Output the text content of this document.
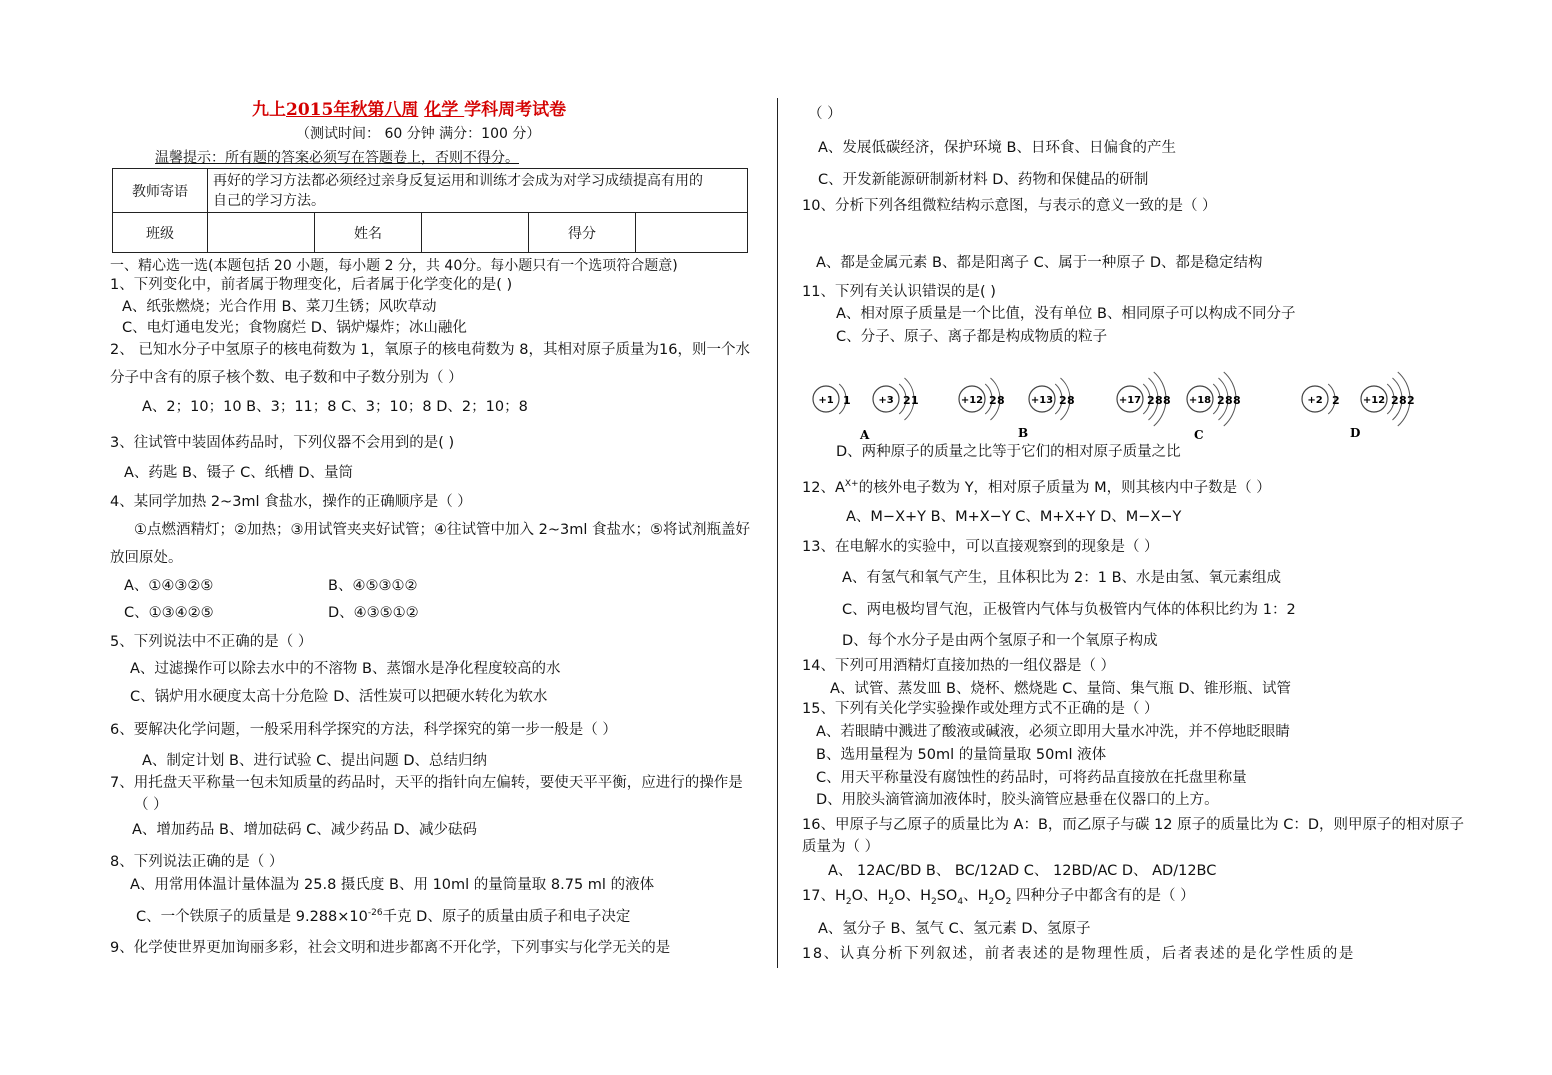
九上2015年秋第八周 化学 学科周考试卷
（测试时间： 60 分钟 满分：100 分）
温馨提示：所有题的答案必须写在答题卷上，否则不得分。
教师寄语	再好的学习方法都必须经过亲身反复运用和训练才会成为对学习成绩提高有用的
自己的学习方法。				

班级		姓名		得分	
一、精心选一选(本题包括 20 小题，每小题 2 分，共 40分。每小题只有一个选项符合题意)
1、下列变化中，前者属于物理变化，后者属于化学变化的是( )
A、纸张燃烧；光合作用 B、菜刀生锈；风吹草动
C、电灯通电发光；食物腐烂 D、锅炉爆炸；冰山融化
2、 已知水分子中氢原子的核电荷数为 1，氧原子的核电荷数为 8，其相对原子质量为16，则一个水
分子中含有的原子核个数、电子数和中子数分别为（ ）
A、2；10；10 B、3；11；8 C、3；10；8 D、2；10；8
3、往试管中装固体药品时，下列仪器不会用到的是( )
A、药匙 B、镊子 C、纸槽 D、量筒
4、某同学加热 2~3ml 食盐水，操作的正确顺序是（ ）
①点燃酒精灯；②加热；③用试管夹夹好试管；④往试管中加入 2~3ml 食盐水；⑤将试剂瓶盖好
放回原处。
A、①④③②⑤	B、④⑤③①②
C、①③④②⑤	D、④③⑤①②
5、下列说法中不正确的是（ ）
A、过滤操作可以除去水中的不溶物 B、蒸馏水是净化程度较高的水
C、锅炉用水硬度太高十分危险 D、活性炭可以把硬水转化为软水
6、要解决化学问题，一般采用科学探究的方法，科学探究的第一步一般是（ ）
A、制定计划 B、进行试验 C、提出问题 D、总结归纳
7、用托盘天平称量一包未知质量的药品时，天平的指针向左偏转，要使天平平衡，应进行的操作是
（ ）
A、增加药品 B、增加砝码 C、减少药品 D、减少砝码
8、下列说法正确的是（ ）
A、用常用体温计量体温为 25.8 摄氏度 B、用 10ml 的量筒量取 8.75 ml 的液体
C、一个铁原子的质量是 $9.288\times 10^{-26}$千克 D、原子的质量由质子和电子决定
9、化学使世界更加询丽多彩，社会文明和进步都离不开化学，下列事实与化学无关的是
（ ）
A、发展低碳经济，保护环境 B、日环食、日偏食的产生
C、开发新能源研制新材料 D、药物和保健品的研制
10、分析下列各组微粒结构示意图，与表示的意义一致的是（ ）
A、都是金属元素 B、都是阳离子 C、属于一种原子 D、都是稳定结构
11、下列有关认识错误的是( )
A、相对原子质量是一个比值，没有单位 B、相同原子可以构成不同分子
C、分子、原子、离子都是构成物质的粒子
+1 1	+3 2 1	+12 2 8	+13 2 8	+17 2 8 8 +18 2 8 8	+2 2 +12 2 8 2
A	B	C	D
D、两种原子的质量之比等于它们的相对原子质量之比
12、$A^{X+}$的核外电子数为 Y，相对原子质量为 M，则其核内中子数是（ ）
A、M−X+Y B、M+X−Y C、M+X+Y D、M−X−Y
13、在电解水的实验中，可以直接观察到的现象是（ ）
A、有氢气和氧气产生，且体积比为 2：1 B、水是由氢、氧元素组成
C、两电极均冒气泡，正极管内气体与负极管内气体的体积比约为 1：2
D、每个水分子是由两个氢原子和一个氧原子构成
14、下列可用酒精灯直接加热的一组仪器是（ ）
A、试管、蒸发皿 B、烧杯、燃烧匙 C、量筒、集气瓶 D、锥形瓶、试管
15、下列有关化学实验操作或处理方式不正确的是（ ）
A、若眼睛中溅进了酸液或碱液，必须立即用大量水冲洗，并不停地眨眼睛
B、选用量程为 50ml 的量筒量取 50ml 液体
C、用天平称量没有腐蚀性的药品时，可将药品直接放在托盘里称量
D、用胶头滴管滴加液体时，胶头滴管应悬垂在仪器口的上方。
16、甲原子与乙原子的质量比为 A：B，而乙原子与碳 12 原子的质量比为 C：D，则甲原子的相对原子
质量为（ ）
A、 12AC/BD B、 BC/12AD C、 12BD/AC D、 AD/12BC
17、$H_2O$、$H_2O$、$H_2SO_4$、$H_2O_2$ 四种分子中都含有的是（ ）
A、氢分子 B、氢气 C、氢元素 D、氢原子
18、认真分析下列叙述，前者表述的是物理性质，后者表述的是化学性质的是
